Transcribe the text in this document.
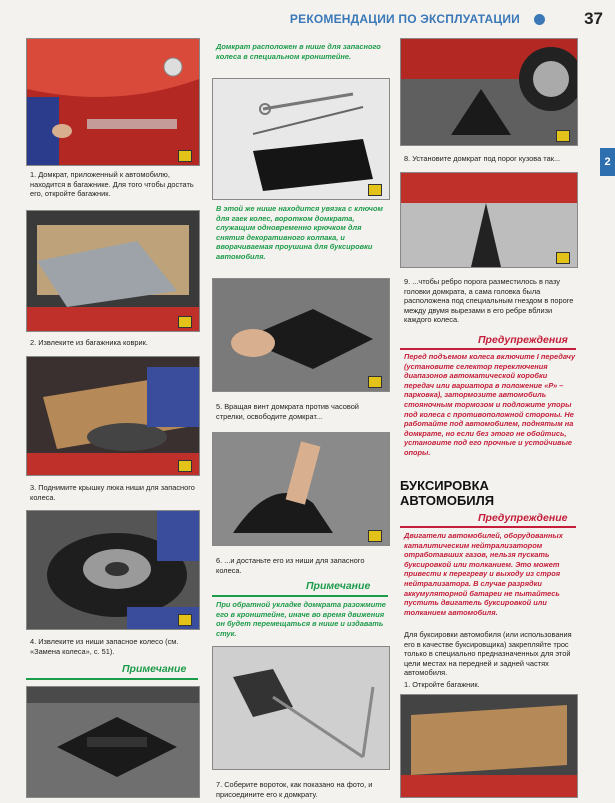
РЕКОМЕНДАЦИИ ПО ЭКСПЛУАТАЦИИ	37
2
1. Домкрат, приложенный к автомобилю, находится в багажнике. Для того чтобы достать его, откройте багажник.
2. Извлеките из багажника коврик.
3. Поднимите крышку люка ниши для запасного колеса.
4. Извлеките из ниши запасное колесо (см. «Замена колеса», с. 51).
Примечание
Домкрат расположен в нише для запасного колеса в специальном кронштейне.
В этой же нише находится увязка с ключом для гаек колес, воротком домкрата, служащим одновременно крючком для снятия декоративного колпака, и вворачиваемая проушина для буксировки автомобиля.
5. Вращая винт домкрата против часовой стрелки, освободите домкрат...
6. ...и достаньте его из ниши для запасного колеса.
Примечание
При обратной укладке домкрата разожмите его в кронштейне, иначе во время движения он будет перемещаться в нише и издавать стук.
7. Соберите вороток, как показано на фото, и присоедините его к домкрату.
8. Установите домкрат под порог кузова так...
9. ...чтобы ребро порога разместилось в пазу головки домкрата, а сама головка была расположена под специальным гнездом в пороге между двумя вырезами в его ребре вблизи каждого колеса.
Предупреждения
Перед подъемом колеса включите I передачу (установите селектор переключения диапазонов автоматической коробки передач или вариатора в положение «Р» – парковка), затормозите автомобиль стояночным тормозом и подложите упоры под колеса с противоположной стороны. Не работайте под автомобилем, поднятым на домкрате, но если без этого не обойтись, установите под его прочные и устойчивые опоры.
БУКСИРОВКА АВТОМОБИЛЯ
Предупреждение
Двигатели автомобилей, оборудованных каталитическим нейтрализатором отработавших газов, нельзя пускать буксировкой или толканием. Это может привести к перегреву и выходу из строя нейтрализатора. В случае разрядки аккумуляторной батареи не пытайтесь пустить двигатель буксировкой или толканием автомобиля.
Для буксировки автомобиля (или использования его в качестве буксировщика) закрепляйте трос только в специально предназначенных для этой цели местах на передней и задней частях автомобиля.
1. Откройте багажник.
